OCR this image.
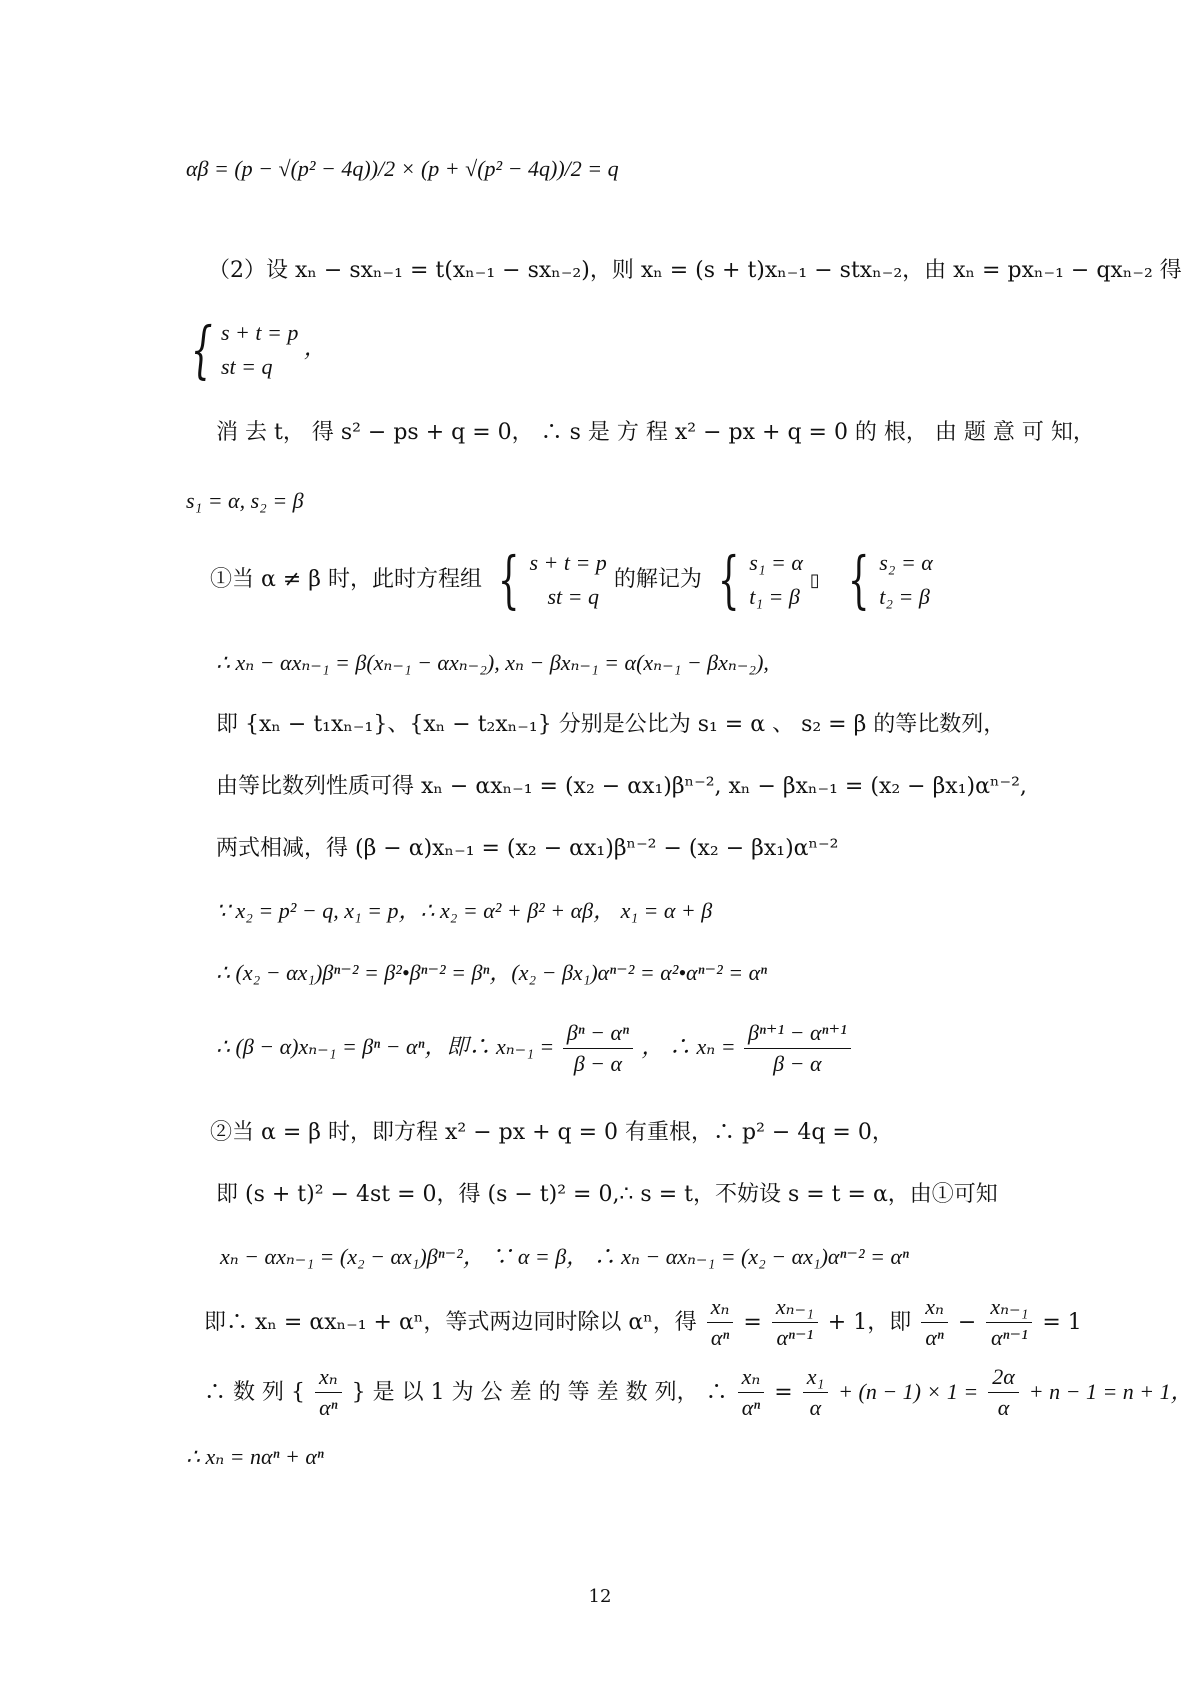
αβ = (p − √(p² − 4q))/2 × (p + √(p² − 4q))/2 = q
（2）设 xₙ − sxₙ₋₁ = t(xₙ₋₁ − sxₙ₋₂)，则 xₙ = (s + t)xₙ₋₁ − stxₙ₋₂，由 xₙ = pxₙ₋₁ − qxₙ₋₂ 得
{ s + t = p
st = q
，
消 去 t， 得 s² − ps + q = 0， ∴ s 是 方 程 x² − px + q = 0 的 根， 由 题 意 可 知，
s₁ = α, s₂ = β
①当 α ≠ β 时，此时方程组 { s + t = p
st = q
的解记为 { s₁ = α
t₁ = β
▯ { s₂ = α
t₂ = β
∴ xₙ − αxₙ₋₁ = β(xₙ₋₁ − αxₙ₋₂), xₙ − βxₙ₋₁ = α(xₙ₋₁ − βxₙ₋₂),
即 {xₙ − t₁xₙ₋₁}、{xₙ − t₂xₙ₋₁} 分别是公比为 s₁ = α 、 s₂ = β 的等比数列，
由等比数列性质可得 xₙ − αxₙ₋₁ = (x₂ − αx₁)βⁿ⁻², xₙ − βxₙ₋₁ = (x₂ − βx₁)αⁿ⁻²,
两式相减，得 (β − α)xₙ₋₁ = (x₂ − αx₁)βⁿ⁻² − (x₂ − βx₁)αⁿ⁻²
∵ x₂ = p² − q, x₁ = p，∴ x₂ = α² + β² + αβ， x₁ = α + β
∴ (x₂ − αx₁)βⁿ⁻² = β²•βⁿ⁻² = βⁿ，(x₂ − βx₁)αⁿ⁻² = α²•αⁿ⁻² = αⁿ
∴ (β − α)xₙ₋₁ = βⁿ − αⁿ，即∴ $x_{n-1} = \frac{\text{βⁿ − αⁿ}}{\beta - \alpha}$ ， ∴ $x_n = \frac{\text{βⁿ⁺¹ − αⁿ⁺¹}}{\beta - \alpha}$
②当 α = β 时，即方程 x² − px + q = 0 有重根，∴ p² − 4q = 0，
即 (s + t)² − 4st = 0，得 (s − t)² = 0,∴ s = t，不妨设 s = t = α，由①可知
xₙ − αxₙ₋₁ = (x₂ − αx₁)βⁿ⁻²， ∵ α = β， ∴ xₙ − αxₙ₋₁ = (x₂ − αx₁)αⁿ⁻² = αⁿ
即∴ xₙ = αxₙ₋₁ + αⁿ，等式两边同时除以 αⁿ，得 $\frac{\text{xₙ}}{\text{αⁿ}} = \frac{\text{xₙ₋₁}}{\text{αⁿ⁻¹}} + 1$，即 $\frac{\text{xₙ}}{\text{αⁿ}} - \frac{\text{xₙ₋₁}}{\text{αⁿ⁻¹}} = 1$
∴ 数 列 { $\frac{\text{xₙ}}{\text{αⁿ}}$ } 是 以 1 为 公 差 的 等 差 数 列， ∴ $\frac{\text{xₙ}}{\text{αⁿ}} = \frac{\text{x₁}}{\alpha} + (n - 1) \times 1 = \frac{2\alpha}{\alpha} + n - 1 = n + 1$，
∴ xₙ = nαⁿ + αⁿ
12
